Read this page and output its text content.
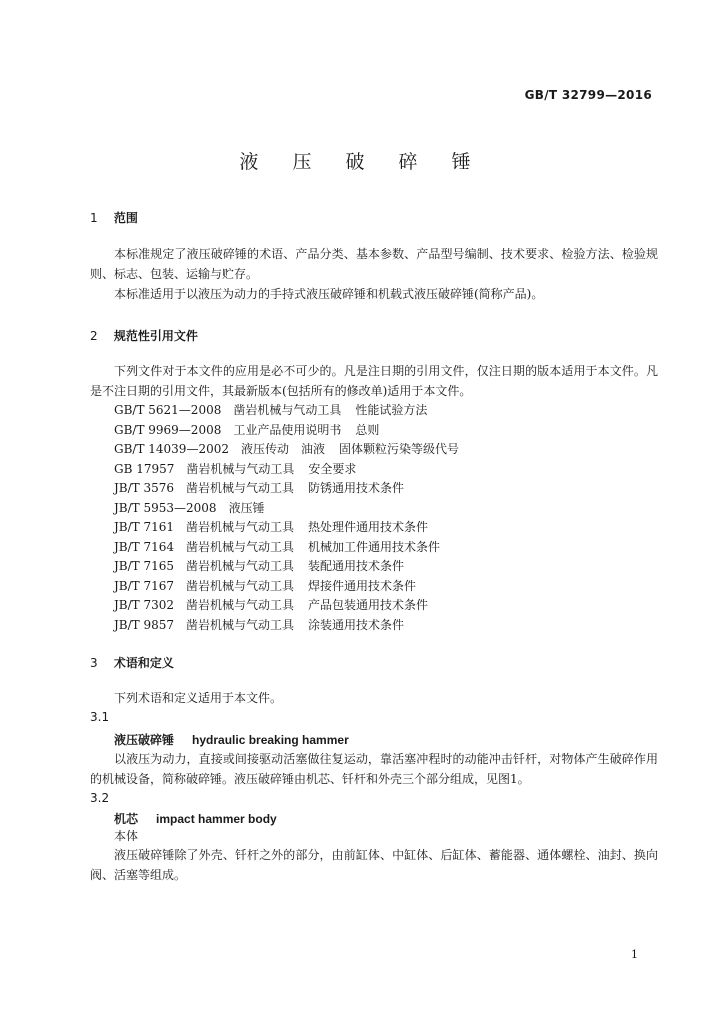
GB/T 32799—2016
液 压 破 碎 锤
1 范围
本标准规定了液压破碎锤的术语、产品分类、基本参数、产品型号编制、技术要求、检验方法、检验规则、标志、包装、运输与贮存。
本标准适用于以液压为动力的手持式液压破碎锤和机载式液压破碎锤(简称产品)。
2 规范性引用文件
下列文件对于本文件的应用是必不可少的。凡是注日期的引用文件，仅注日期的版本适用于本文件。凡是不注日期的引用文件，其最新版本(包括所有的修改单)适用于本文件。
GB/T 5621—2008 凿岩机械与气动工具 性能试验方法
GB/T 9969—2008 工业产品使用说明书 总则
GB/T 14039—2002 液压传动　油液 固体颗粒污染等级代号
GB 17957 凿岩机械与气动工具 安全要求
JB/T 3576 凿岩机械与气动工具 防锈通用技术条件
JB/T 5953—2008 液压锤
JB/T 7161 凿岩机械与气动工具 热处理件通用技术条件
JB/T 7164 凿岩机械与气动工具 机械加工件通用技术条件
JB/T 7165 凿岩机械与气动工具 装配通用技术条件
JB/T 7167 凿岩机械与气动工具 焊接件通用技术条件
JB/T 7302 凿岩机械与气动工具 产品包装通用技术条件
JB/T 9857 凿岩机械与气动工具 涂装通用技术条件
3 术语和定义
下列术语和定义适用于本文件。
3.1
液压破碎锤 hydraulic breaking hammer
以液压为动力，直接或间接驱动活塞做往复运动，靠活塞冲程时的动能冲击钎杆，对物体产生破碎作用的机械设备，简称破碎锤。液压破碎锤由机芯、钎杆和外壳三个部分组成，见图1。
3.2
机芯 impact hammer body
本体
液压破碎锤除了外壳、钎杆之外的部分，由前缸体、中缸体、后缸体、蓄能器、通体螺栓、油封、换向阀、活塞等组成。
1
